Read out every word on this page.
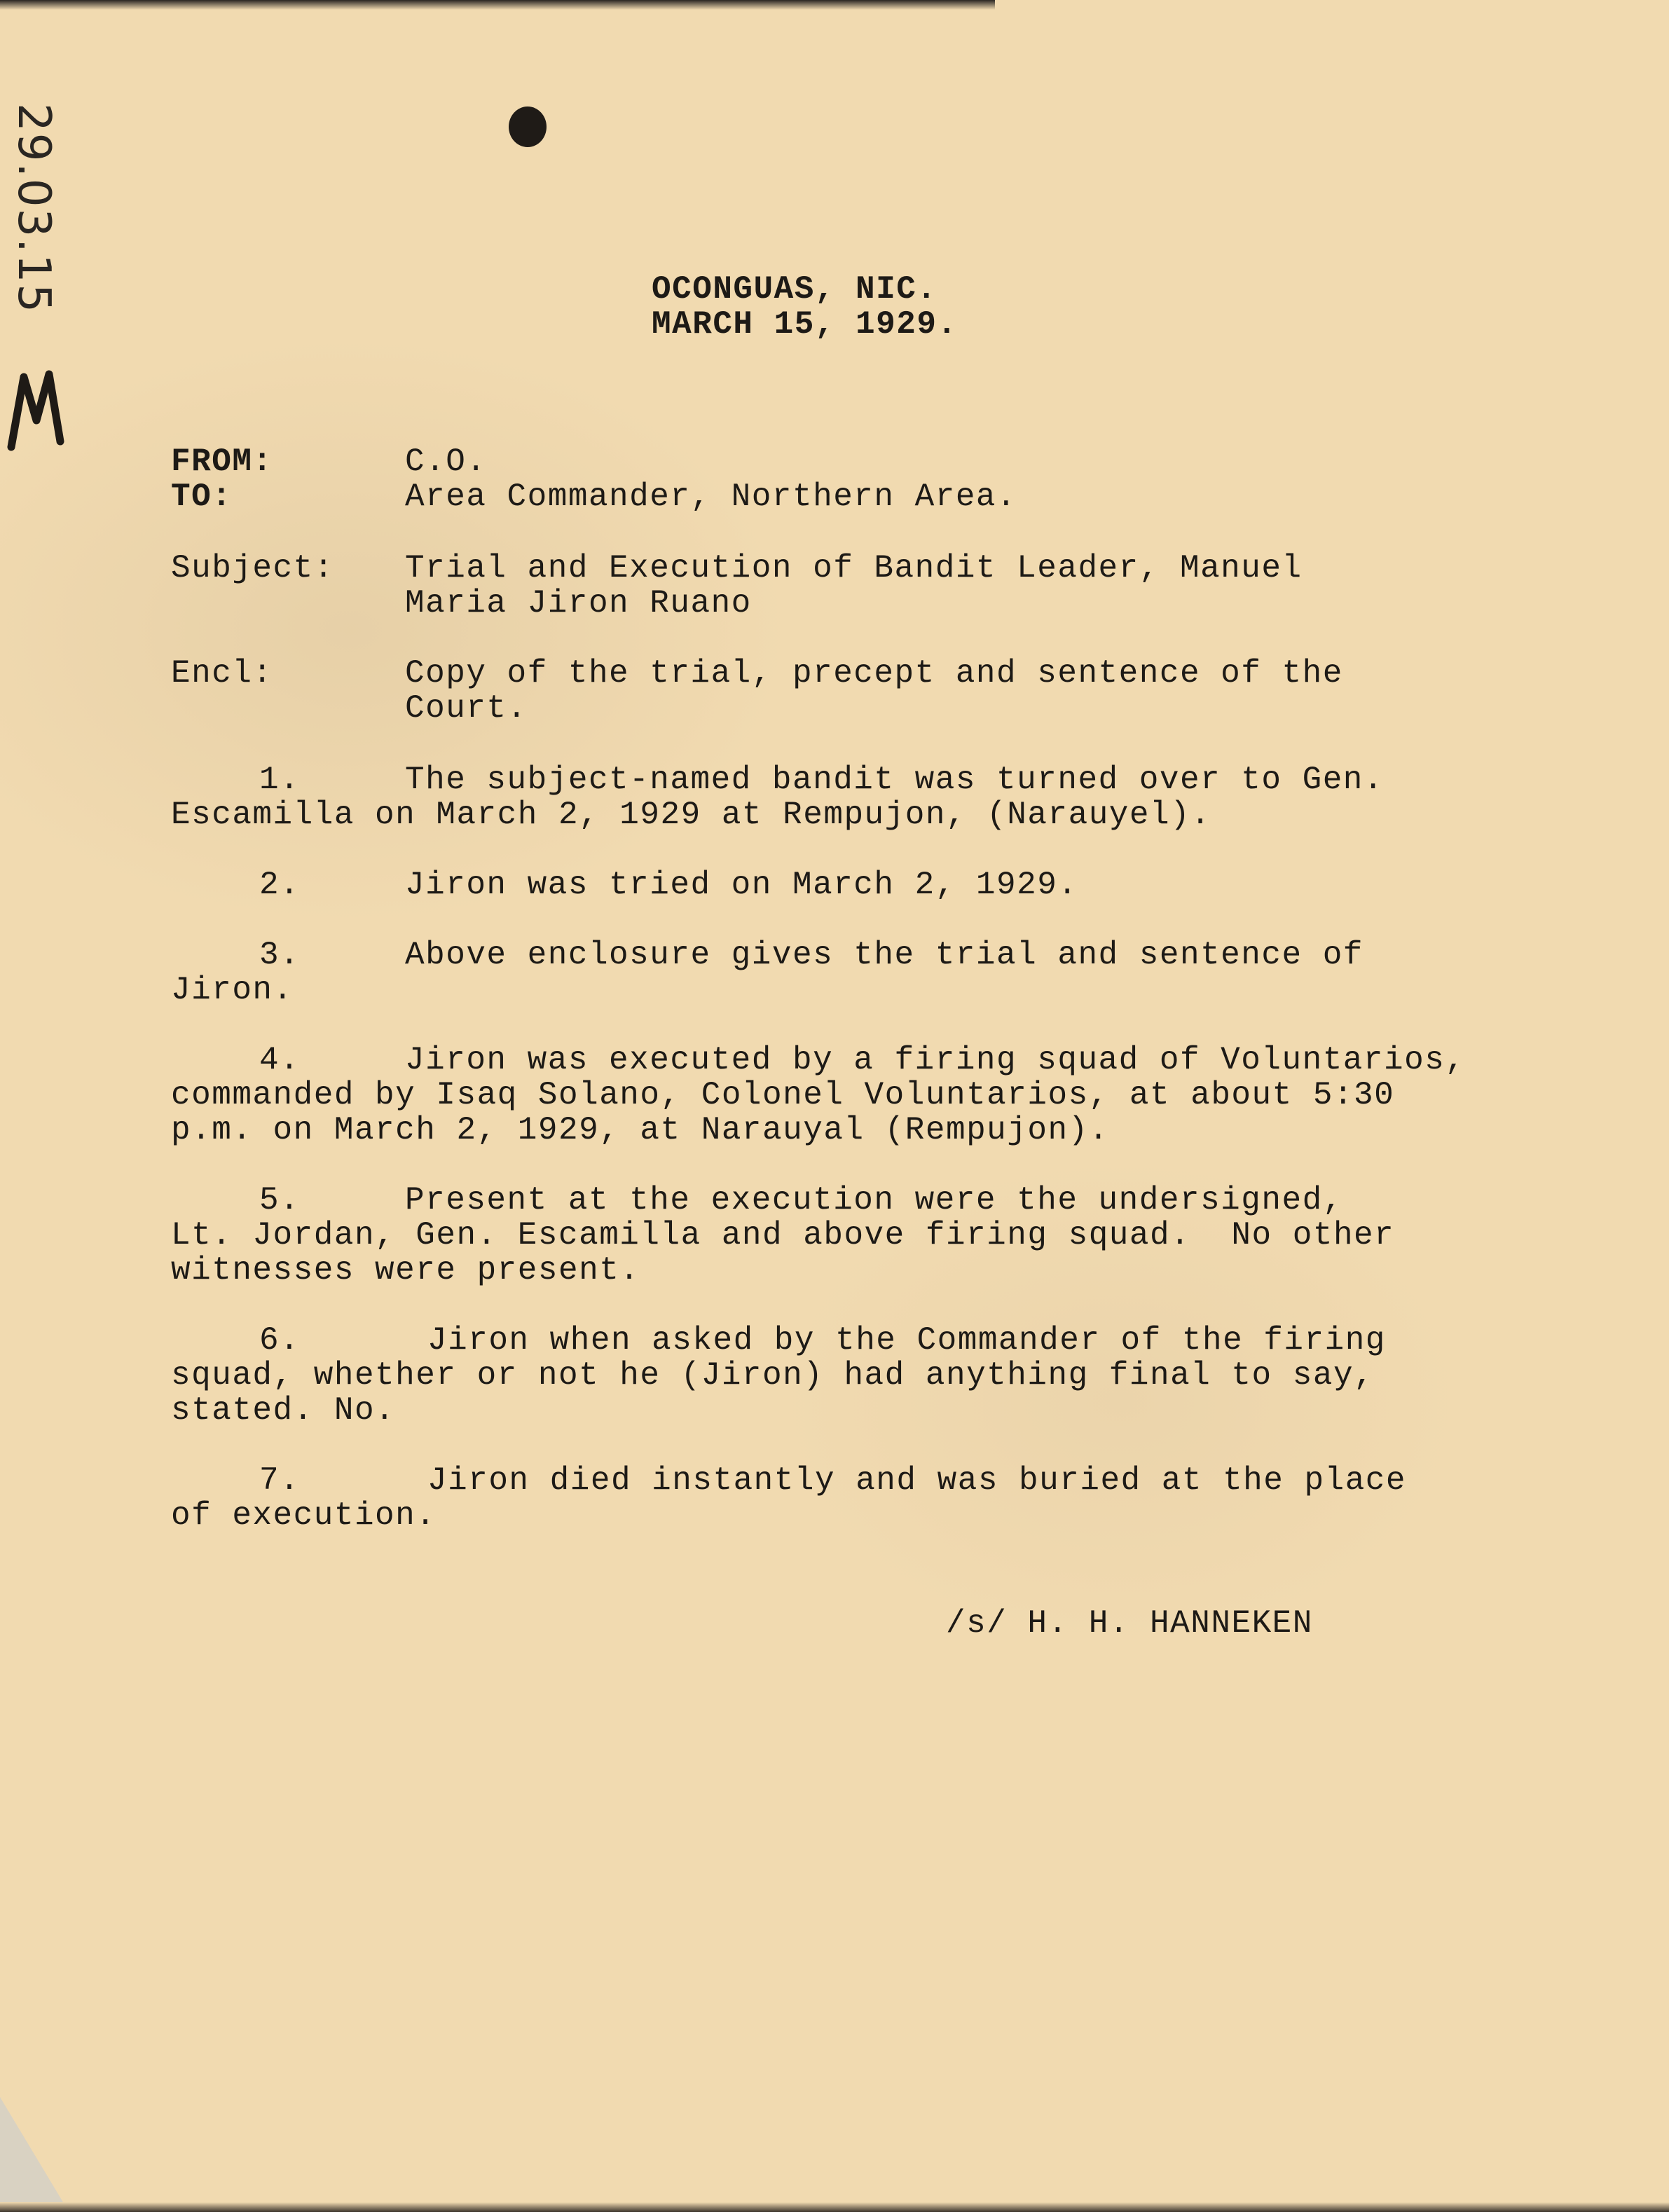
29.03.15	OCONGUAS, NIC.
MARCH 15, 1929.
FROM:	C.O.
TO:	Area Commander, Northern Area.
Subject: Trial and Execution of Bandit Leader, Manuel
Maria Jiron Ruano
Encl:	Copy of the trial, precept and sentence of the
Court.
1.	The subject-named bandit was turned over to Gen.
Escamilla on March 2, 1929 at Rempujon, (Narauyel).
2.	Jiron was tried on March 2, 1929.
3.	Above enclosure gives the trial and sentence of
Jiron.
4.	Jiron was executed by a firing squad of Voluntarios,
commanded by Isaq Solano, Colonel Voluntarios, at about 5:30
p.m. on March 2, 1929, at Narauyal (Rempujon).
5.	Present at the execution were the undersigned,
Lt. Jordan, Gen. Escamilla and above firing squad.  No other
witnesses were present.
6.	Jiron when asked by the Commander of the firing
squad, whether or not he (Jiron) had anything final to say,
stated. No.
7.	Jiron died instantly and was buried at the place
of execution.
/s/ H. H. HANNEKEN
